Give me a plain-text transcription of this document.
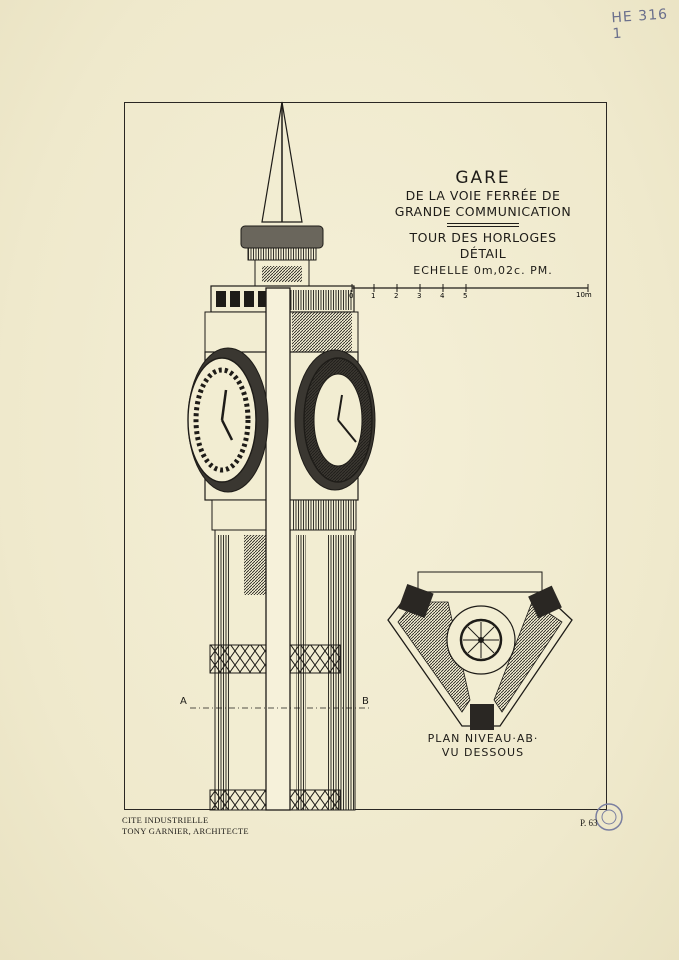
HE 316 1
0	1	2	3	4	5	10m
GARE
DE LA VOIE FERRÉE DE
GRANDE COMMUNICATION
TOUR DES HORLOGES
DÉTAIL
ECHELLE 0m,02c. PM.
A	B
PLAN NIVEAU·AB·
VU DESSOUS
CITE INDUSTRIELLE
TONY GARNIER, ARCHITECTE
P. 63
